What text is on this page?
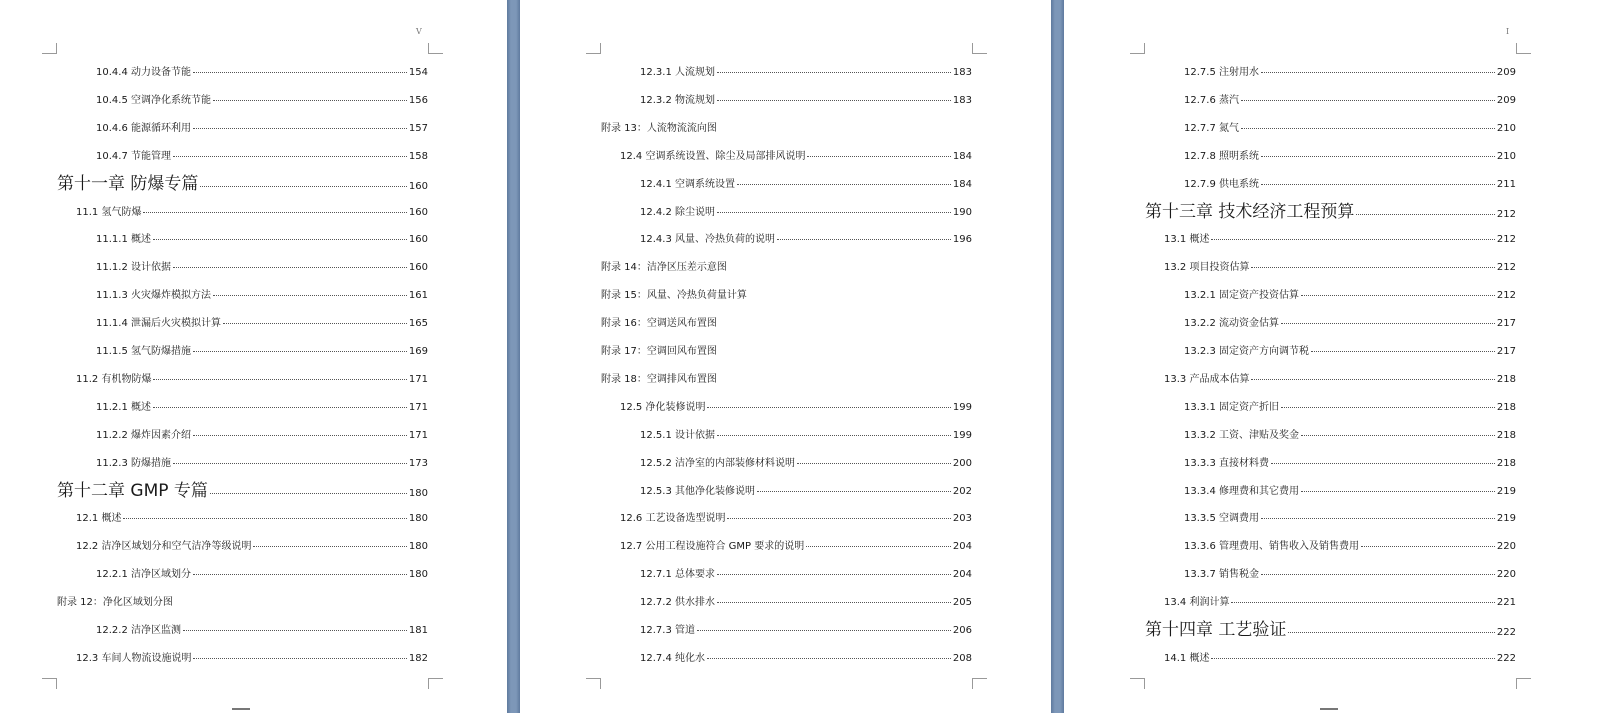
V	I
10.4.4 动力设备节能	154
10.4.5 空调净化系统节能	156
10.4.6 能源循环利用	157
10.4.7 节能管理	158
第十一章 防爆专篇	160
11.1 氢气防爆	160
11.1.1 概述	160
11.1.2 设计依据	160
11.1.3 火灾爆炸模拟方法	161
11.1.4 泄漏后火灾模拟计算	165
11.1.5 氢气防爆措施	169
11.2 有机物防爆	171
11.2.1 概述	171
11.2.2 爆炸因素介绍	171
11.2.3 防爆措施	173
第十二章 GMP 专篇	180
12.1 概述	180
12.2 洁净区域划分和空气洁净等级说明	180
12.2.1 洁净区域划分	180
附录 12：净化区域划分图
12.2.2 洁净区监测	181
12.3 车间人物流设施说明	182
12.3.1 人流规划	183
12.3.2 物流规划	183
附录 13：人流物流流向图
12.4 空调系统设置、除尘及局部排风说明	184
12.4.1 空调系统设置	184
12.4.2 除尘说明	190
12.4.3 风量、冷热负荷的说明	196
附录 14：洁净区压差示意图
附录 15：风量、冷热负荷量计算
附录 16：空调送风布置图
附录 17：空调回风布置图
附录 18：空调排风布置图
12.5 净化装修说明	199
12.5.1 设计依据	199
12.5.2 洁净室的内部装修材料说明	200
12.5.3 其他净化装修说明	202
12.6 工艺设备选型说明	203
12.7 公用工程设施符合 GMP 要求的说明	204
12.7.1 总体要求	204
12.7.2 供水排水	205
12.7.3 管道	206
12.7.4 纯化水	208
12.7.5 注射用水	209
12.7.6 蒸汽	209
12.7.7 氮气	210
12.7.8 照明系统	210
12.7.9 供电系统	211
第十三章 技术经济工程预算	212
13.1 概述	212
13.2 项目投资估算	212
13.2.1 固定资产投资估算	212
13.2.2 流动资金估算	217
13.2.3 固定资产方向调节税	217
13.3 产品成本估算	218
13.3.1 固定资产折旧	218
13.3.2 工资、津贴及奖金	218
13.3.3 直接材料费	218
13.3.4 修理费和其它费用	219
13.3.5 空调费用	219
13.3.6 管理费用、销售收入及销售费用	220
13.3.7 销售税金	220
13.4 利润计算	221
第十四章 工艺验证	222
14.1 概述	222
